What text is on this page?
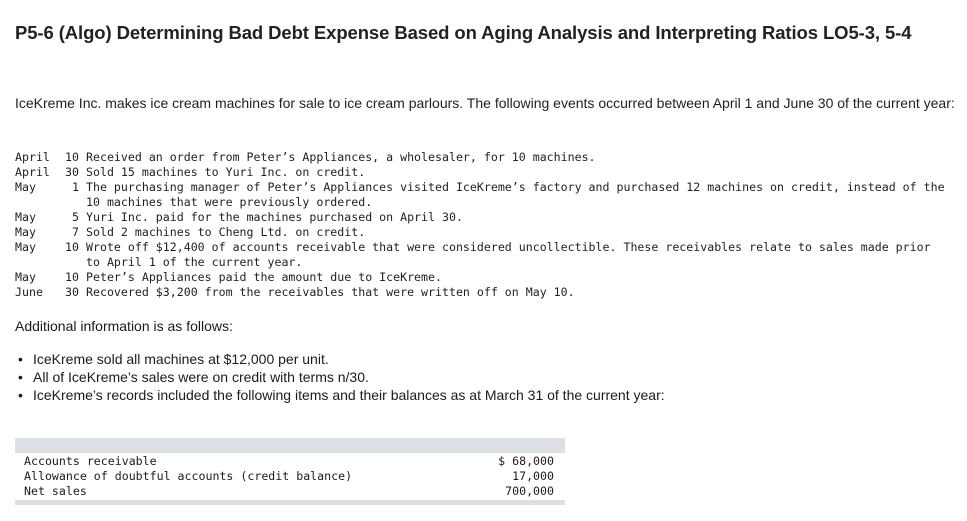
P5-6 (Algo) Determining Bad Debt Expense Based on Aging Analysis and Interpreting Ratios LO5-3, 5-4
IceKreme Inc. makes ice cream machines for sale to ice cream parlours. The following events occurred between April 1 and June 30 of the current year:
April	10 Received an order from Peter’s Appliances, a wholesaler, for 10 machines.
April	30 Sold 15 machines to Yuri Inc. on credit.
May	1 The purchasing manager of Peter’s Appliances visited IceKreme’s factory and purchased 12 machines on credit, instead of the 10 machines that were previously ordered.
May	5 Yuri Inc. paid for the machines purchased on April 30.
May	7 Sold 2 machines to Cheng Ltd. on credit.
May	10 Wrote off $12,400 of accounts receivable that were considered uncollectible. These receivables relate to sales made prior to April 1 of the current year.
May	10 Peter’s Appliances paid the amount due to IceKreme.
June	30 Recovered $3,200 from the receivables that were written off on May 10.
Additional information is as follows:
• IceKreme sold all machines at $12,000 per unit.
• All of IceKreme’s sales were on credit with terms n/30.
• IceKreme’s records included the following items and their balances as at March 31 of the current year:
Accounts receivable	$ 68,000
Allowance of doubtful accounts (credit balance)	17,000
Net sales	700,000
